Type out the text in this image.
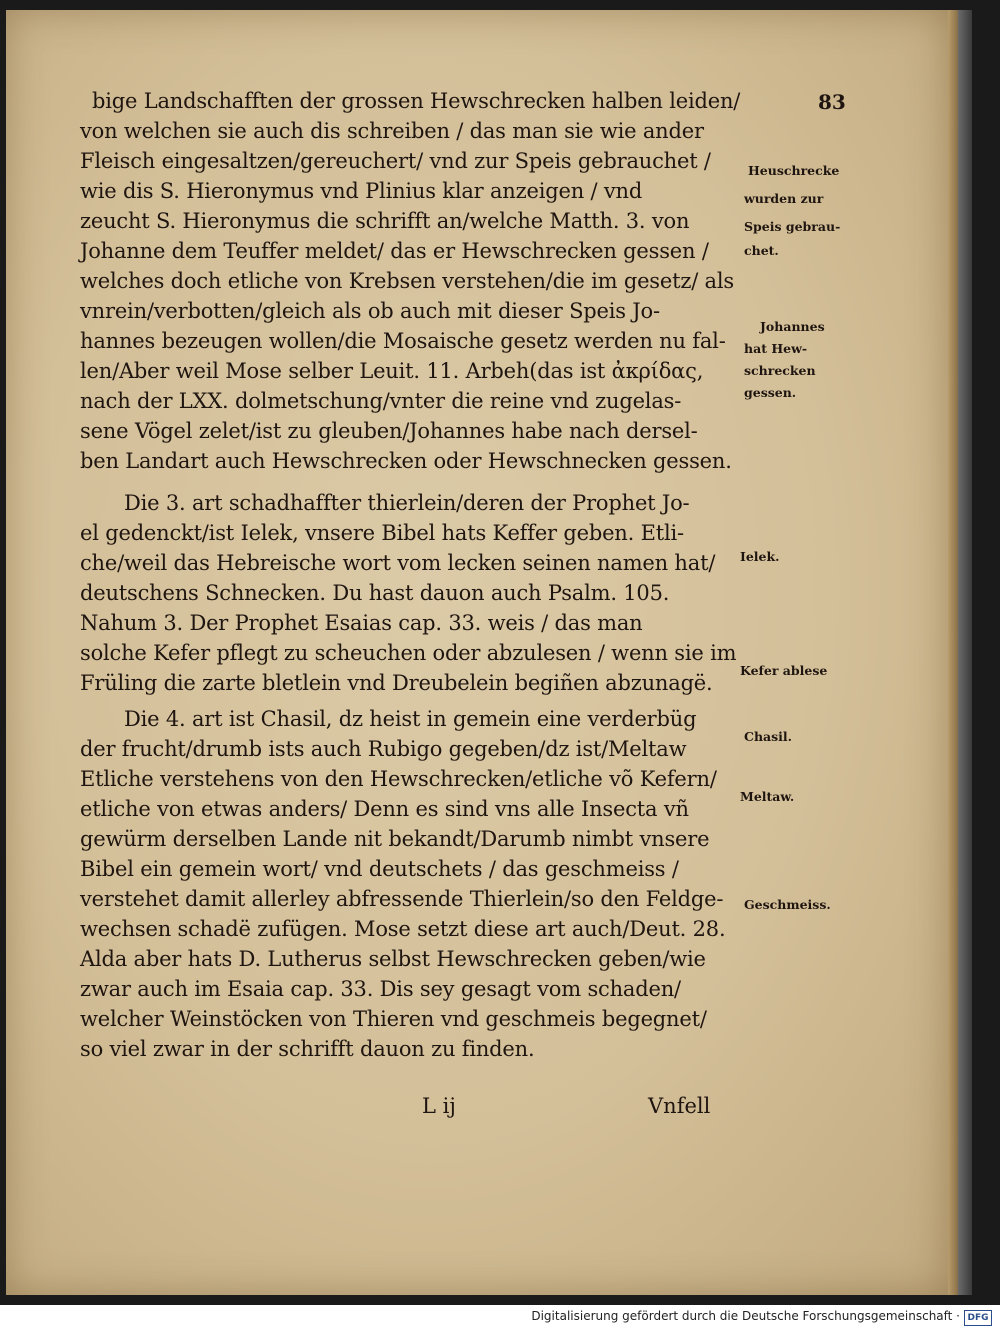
83

bige Landschafften der grossen Hewschrecken halben leiden/

von welchen sie auch dis schreiben / das man sie wie ander

Fleisch eingesaltzen/gereuchert/ vnd zur Speis gebrauchet /

wie dis S. Hieronymus vnd Plinius klar anzeigen / vnd

zeucht S. Hieronymus die schrifft an/welche Matth. 3. von

Johanne dem Teuffer meldet/ das er Hewschrecken gessen /

welches doch etliche von Krebsen verstehen/die im gesetz/ als

vnrein/verbotten/gleich als ob auch mit dieser Speis Jo-

hannes bezeugen wollen/die Mosaische gesetz werden nu fal-

len/Aber weil Mose selber Leuit. 11. Arbeh(das ist ἀκρίδας,

nach der LXX. dolmetschung/vnter die reine vnd zugelas-

sene Vögel zelet/ist zu gleuben/Johannes habe nach dersel-

ben Landart auch Hewschrecken oder Hewschnecken gessen.

Die 3. art schadhaffter thierlein/deren der Prophet Jo-

el gedenckt/ist Ielek, vnsere Bibel hats Keffer geben. Etli-

che/weil das Hebreische wort vom lecken seinen namen hat/

deutschens Schnecken. Du hast dauon auch Psalm. 105.

Nahum 3. Der Prophet Esaias cap. 33. weis / das man

solche Kefer pflegt zu scheuchen oder abzulesen / wenn sie im

Früling die zarte bletlein vnd Dreubelein begiñen abzunagë.

Die 4. art ist Chasil, dz heist in gemein eine verderbüg

der frucht/drumb ists auch Rubigo gegeben/dz ist/Meltaw

Etliche verstehens von den Hewschrecken/etliche võ Kefern/

etliche von etwas anders/ Denn es sind vns alle Insecta vñ

gewürm derselben Lande nit bekandt/Darumb nimbt vnsere

Bibel ein gemein wort/ vnd deutschets / das geschmeiss /

verstehet damit allerley abfressende Thierlein/so den Feldge-

wechsen schadë zufügen. Mose setzt diese art auch/Deut. 28.

Alda aber hats D. Lutherus selbst Hewschrecken geben/wie

zwar auch im Esaia cap. 33. Dis sey gesagt vom schaden/

welcher Weinstöcken von Thieren vnd geschmeis begegnet/

so viel zwar in der schrifft dauon zu finden.

Heuschrecke

wurden zur

Speis gebrau-

chet.

Johannes

hat Hew-

schrecken

gessen.

Ielek.

Kefer ablese

Chasil.

Meltaw.

Geschmeiss.

L ij	Vnfell

Digitalisierung gefördert durch die Deutsche Forschungsgemeinschaft · DFG
